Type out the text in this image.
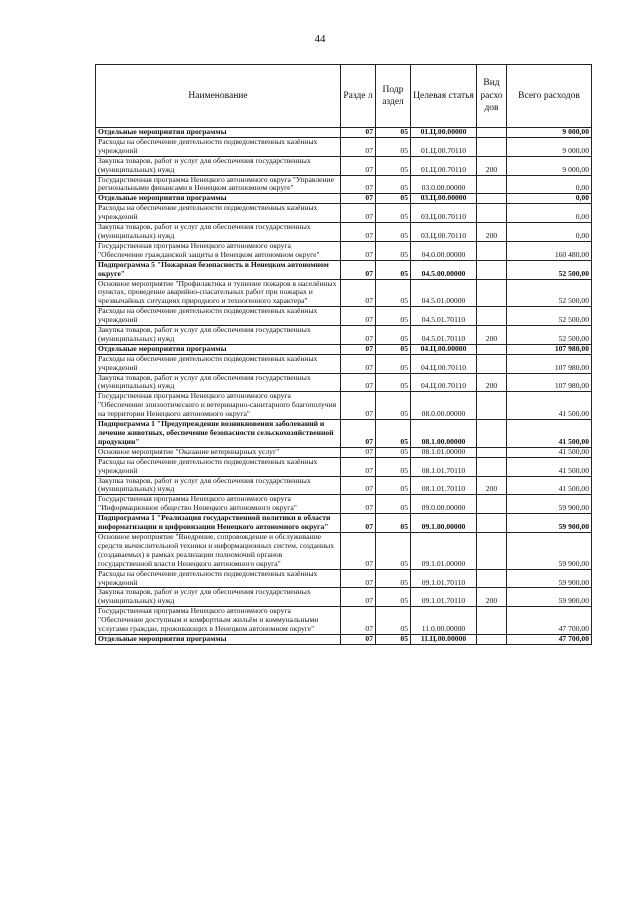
44
Наименование	Разде л	Подр аздел	Целевая статья	Вид расхо дов	Всего расходов
Отдельные мероприятия программы	07	05	01.Ц.00.00000		9 000,00
Расходы на обеспечение деятельности подведомственных казённых учреждений	07	05	01.Ц.00.70110		9 000,00
Закупка товаров, работ и услуг для обеспечения государственных (муниципальных) нужд	07	05	01.Ц.00.70110	200	9 000,00
Государственная программа Ненецкого автономного округа "Управление региональными финансами в Ненецком автономном округе"	07	05	03.0.00.00000		0,00
Отдельные мероприятия программы	07	05	03.Ц.00.00000		0,00
Расходы на обеспечение деятельности подведомственных казённых учреждений	07	05	03.Ц.00.70110		0,00
Закупка товаров, работ и услуг для обеспечения государственных (муниципальных) нужд	07	05	03.Ц.00.70110	200	0,00
Государственная программа Ненецкого автономного округа "Обеспечение гражданской защиты в Ненецком автономном округе"	07	05	04.0.00.00000		160 480,00
Подпрограмма 5 "Пожарная безопасность в Ненецком автономном округе"	07	05	04.5.00.00000		52 500,00
Основное мероприятие "Профилактика и тушение пожаров в населённых пунктах, проведение аварийно-спасательных работ при пожарах и чрезвычайных ситуациях природного и техногенного характера"	07	05	04.5.01.00000		52 500,00
Расходы на обеспечение деятельности подведомственных казённых учреждений	07	05	04.5.01.70110		52 500,00
Закупка товаров, работ и услуг для обеспечения государственных (муниципальных) нужд	07	05	04.5.01.70110	200	52 500,00
Отдельные мероприятия программы	07	05	04.Ц.00.00000		107 980,00
Расходы на обеспечение деятельности подведомственных казённых учреждений	07	05	04.Ц.00.70110		107 980,00
Закупка товаров, работ и услуг для обеспечения государственных (муниципальных) нужд	07	05	04.Ц.00.70110	200	107 980,00
Государственная программа Ненецкого автономного округа "Обеспечение эпизоотического и ветеринарно-санитарного благополучия на территории Ненецкого автономного округа"	07	05	08.0.00.00000		41 500,00
Подпрограмма 1 "Предупреждение возникновения заболеваний и лечение животных, обеспечение безопасности сельскохозяйственной продукции"	07	05	08.1.00.00000		41 500,00
Основное мероприятие "Оказание ветеринарных услуг"	07	05	08.1.01.00000		41 500,00
Расходы на обеспечение деятельности подведомственных казённых учреждений	07	05	08.1.01.70110		41 500,00
Закупка товаров, работ и услуг для обеспечения государственных (муниципальных) нужд	07	05	08.1.01.70110	200	41 500,00
Государственная программа Ненецкого автономного округа "Информационное общество Ненецкого автономного округа"	07	05	09.0.00.00000		59 900,00
Подпрограмма 1 "Реализация государственной политики в области информатизации и цифровизации Ненецкого автономного округа"	07	05	09.1.00.00000		59 900,00
Основное мероприятие "Внедрение, сопровождение и обслуживание средств вычислительной техники и информационных систем, созданных (создаваемых) в рамках реализации полномочий органов государственной власти Ненецкого автономного округа"	07	05	09.1.01.00000		59 900,00
Расходы на обеспечение деятельности подведомственных казённых учреждений	07	05	09.1.01.70110		59 900,00
Закупка товаров, работ и услуг для обеспечения государственных (муниципальных) нужд	07	05	09.1.01.70110	200	59 900,00
Государственная программа Ненецкого автономного округа "Обеспечение доступным и комфортным жильём и коммунальными услугами граждан, проживающих в Ненецком автономном округе"	07	05	11.0.00.00000		47 700,00
Отдельные мероприятия программы	07	05	11.Ц.00.00000		47 700,00
